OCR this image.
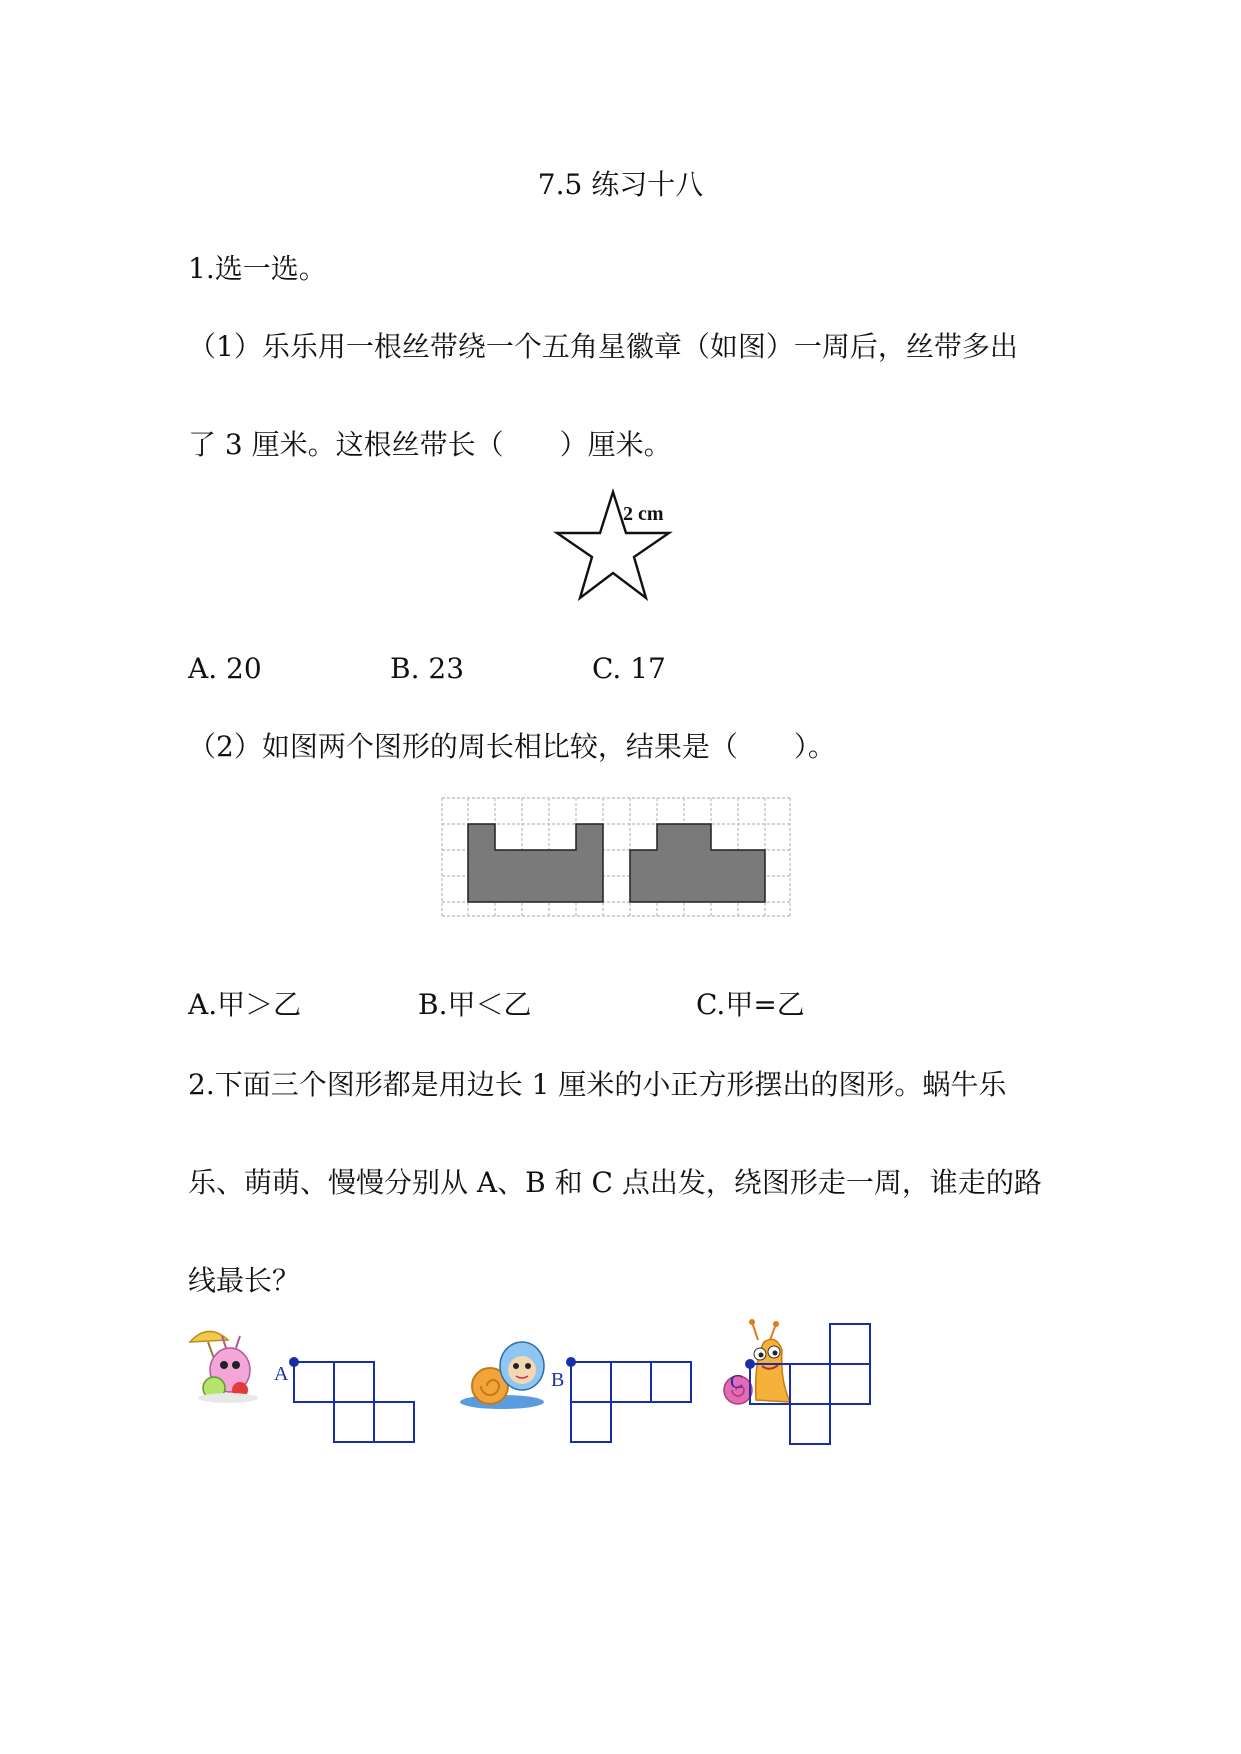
7.5 练习十八
1.选一选。
（1）乐乐用一根丝带绕一个五角星徽章（如图）一周后，丝带多出
了 3 厘米。这根丝带长（　　）厘米。
2 cm
A. 20	B. 23	C. 17
（2）如图两个图形的周长相比较，结果是（　　）。
A.甲＞乙	B.甲＜乙	C.甲=乙
2.下面三个图形都是用边长 1 厘米的小正方形摆出的图形。蜗牛乐
乐、萌萌、慢慢分别从 A、B 和 C 点出发，绕图形走一周，谁走的路
线最长？
A	B	C
